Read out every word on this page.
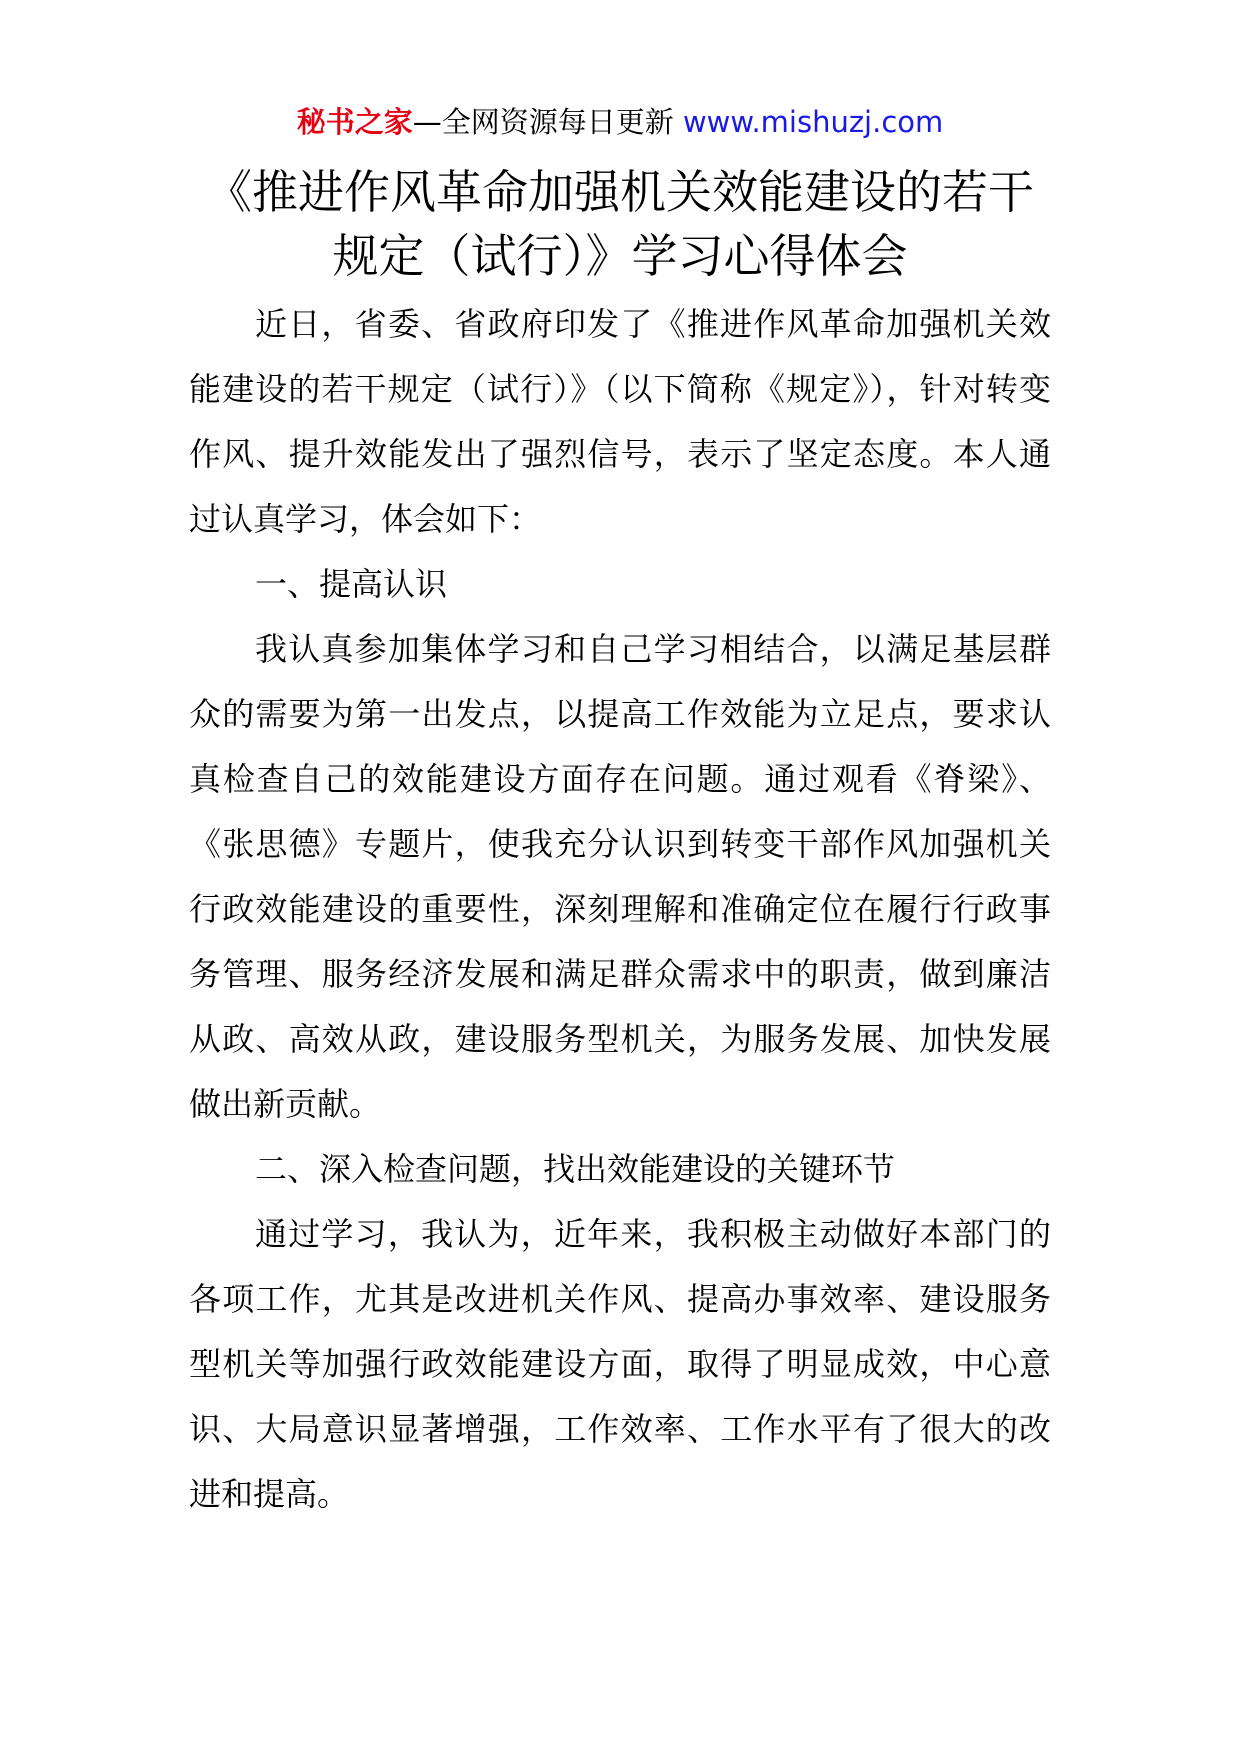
秘书之家—全网资源每日更新 www.mishuzj.com
《推进作风革命加强机关效能建设的若干
规定（试行）》学习心得体会

近日，省委、省政府印发了《推进作风革命加强机关效能建设的若干规定（试行）》（以下简称《规定》），针对转变作风、提升效能发出了强烈信号，表示了坚定态度。本人通过认真学习，体会如下：

一、提高认识

我认真参加集体学习和自己学习相结合，以满足基层群众的需要为第一出发点，以提高工作效能为立足点，要求认真检查自己的效能建设方面存在问题。通过观看《脊梁》、《张思德》专题片，使我充分认识到转变干部作风加强机关行政效能建设的重要性，深刻理解和准确定位在履行行政事务管理、服务经济发展和满足群众需求中的职责，做到廉洁从政、高效从政，建设服务型机关，为服务发展、加快发展做出新贡献。

二、深入检查问题，找出效能建设的关键环节

通过学习，我认为，近年来，我积极主动做好本部门的各项工作，尤其是改进机关作风、提高办事效率、建设服务型机关等加强行政效能建设方面，取得了明显成效，中心意识、大局意识显著增强，工作效率、工作水平有了很大的改进和提高。
